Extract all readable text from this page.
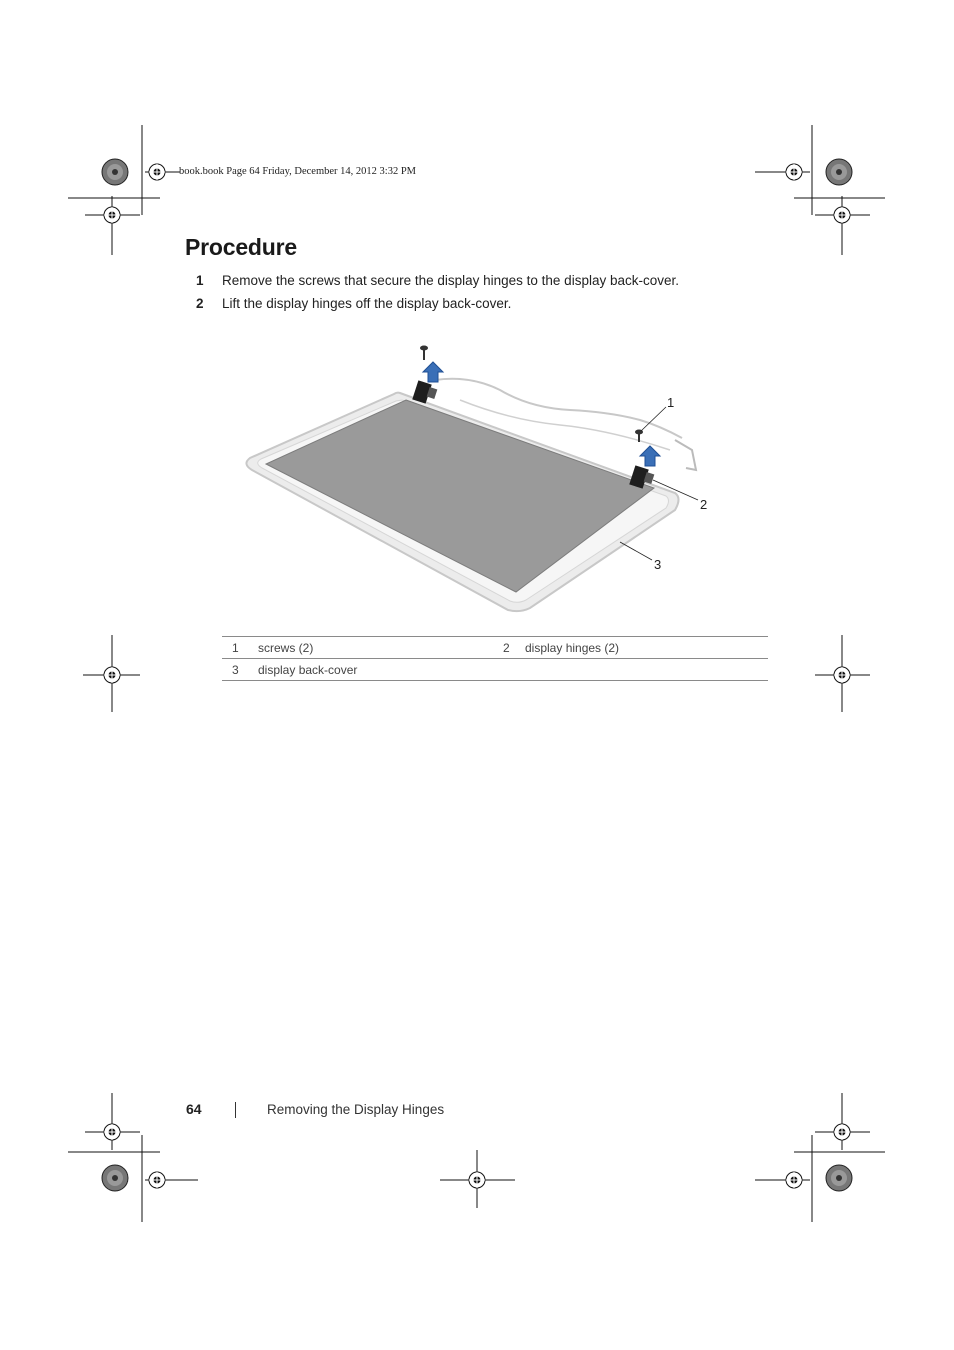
book.book Page 64 Friday, December 14, 2012 3:32 PM
Procedure
1	Remove the screws that secure the display hinges to the display back-cover.
2	Lift the display hinges off the display back-cover.
1
2
3
1	screws (2)	2	display hinges (2)
3	display back-cover		
64	Removing the Display Hinges
